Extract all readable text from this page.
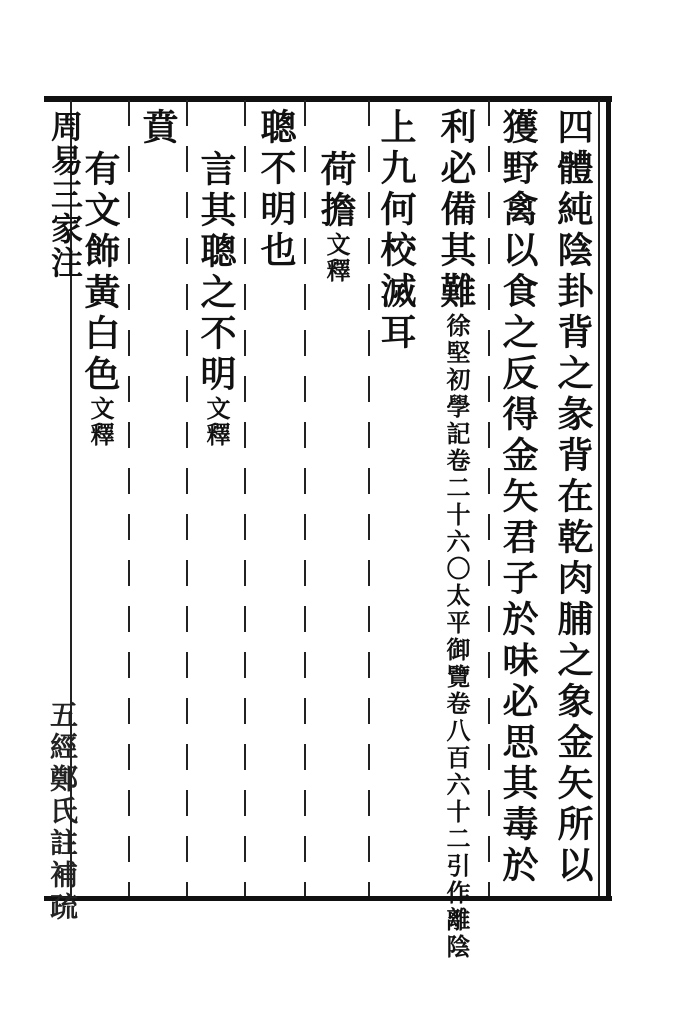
四體純陰卦背之彖背在乾肉脯之象金矢所以
獲野禽以食之反得金矢君子於味必思其毒於
利必備其難徐堅初學記卷二十六〇太平御覽卷八百六十二引作離陰
上九何校滅耳
荷擔文釋
聰不明也
言其聰之不明文釋
賁
有文飾黃白色文釋
周易三家注
五經鄭氏註補疏
